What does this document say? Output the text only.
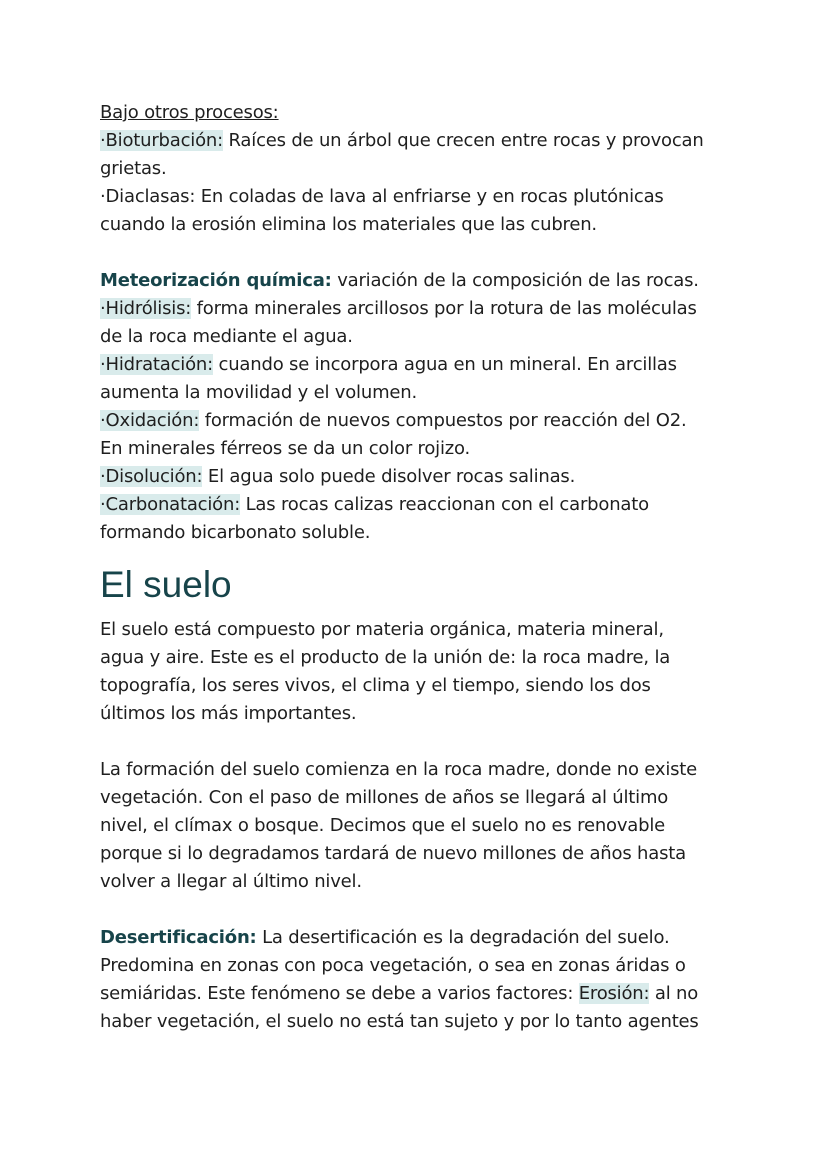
Bajo otros procesos:
·Bioturbación: Raíces de un árbol que crecen entre rocas y provocan
grietas.
·Diaclasas: En coladas de lava al enfriarse y en rocas plutónicas
cuando la erosión elimina los materiales que las cubren.
Meteorización química: variación de la composición de las rocas.
·Hidrólisis: forma minerales arcillosos por la rotura de las moléculas
de la roca mediante el agua.
·Hidratación: cuando se incorpora agua en un mineral. En arcillas
aumenta la movilidad y el volumen.
·Oxidación: formación de nuevos compuestos por reacción del O2.
En minerales férreos se da un color rojizo.
·Disolución: El agua solo puede disolver rocas salinas.
·Carbonatación: Las rocas calizas reaccionan con el carbonato
formando bicarbonato soluble.
El suelo
El suelo está compuesto por materia orgánica, materia mineral,
agua y aire. Este es el producto de la unión de: la roca madre, la
topografía, los seres vivos, el clima y el tiempo, siendo los dos
últimos los más importantes.
La formación del suelo comienza en la roca madre, donde no existe
vegetación. Con el paso de millones de años se llegará al último
nivel, el clímax o bosque. Decimos que el suelo no es renovable
porque si lo degradamos tardará de nuevo millones de años hasta
volver a llegar al último nivel.
Desertificación: La desertificación es la degradación del suelo.
Predomina en zonas con poca vegetación, o sea en zonas áridas o
semiáridas. Este fenómeno se debe a varios factores: Erosión: al no
haber vegetación, el suelo no está tan sujeto y por lo tanto agentes
